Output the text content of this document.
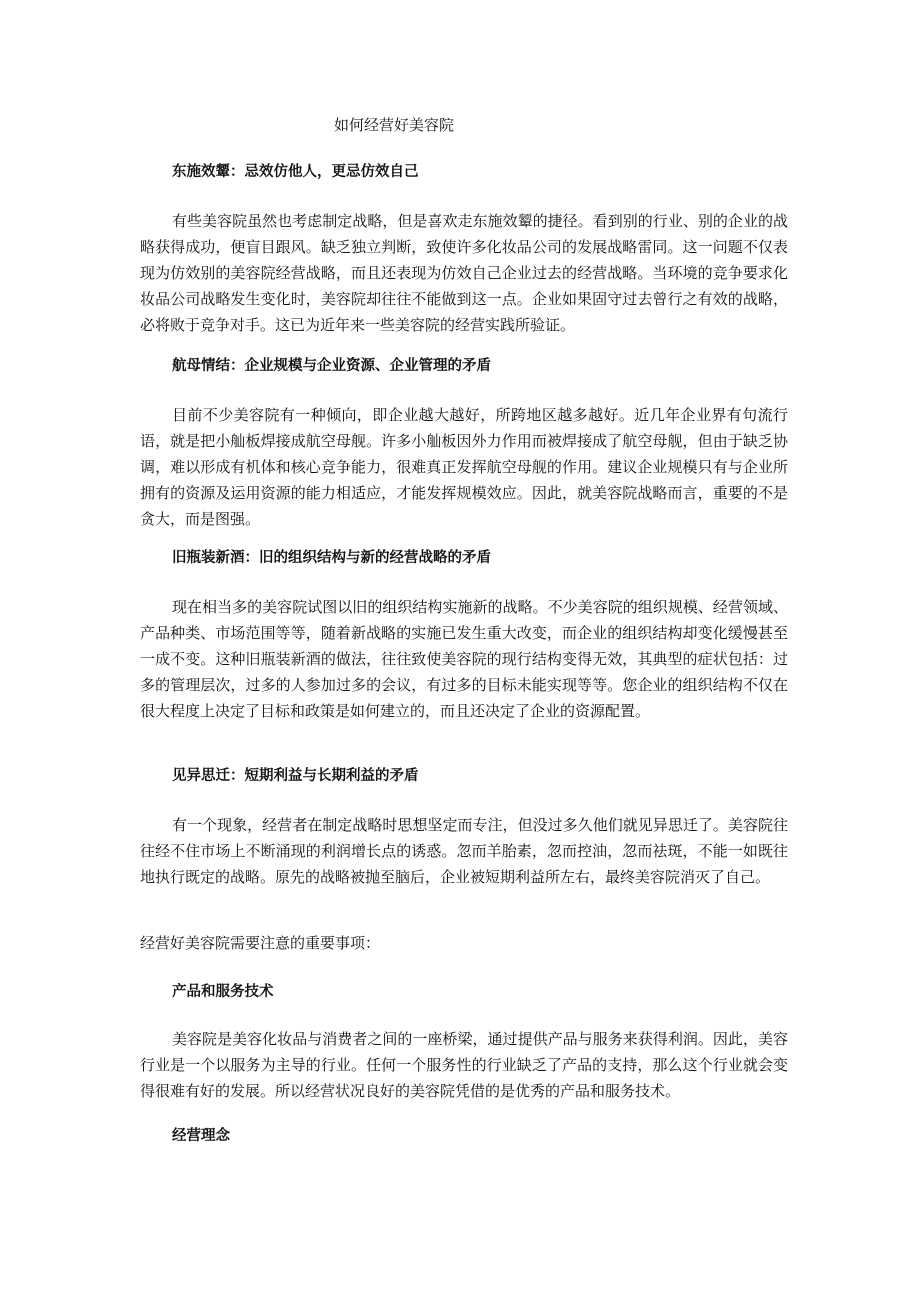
如何经营好美容院
东施效颦：忌效仿他人，更忌仿效自己

有些美容院虽然也考虑制定战略，但是喜欢走东施效颦的捷径。看到别的行业、别的企业的战略获得成功，便盲目跟风。缺乏独立判断，致使许多化妆品公司的发展战略雷同。这一问题不仅表现为仿效别的美容院经营战略，而且还表现为仿效自己企业过去的经营战略。当环境的竞争要求化妆品公司战略发生变化时，美容院却往往不能做到这一点。企业如果固守过去曾行之有效的战略，必将败于竞争对手。这已为近年来一些美容院的经营实践所验证。

航母情结：企业规模与企业资源、企业管理的矛盾

目前不少美容院有一种倾向，即企业越大越好，所跨地区越多越好。近几年企业界有句流行语，就是把小舢板焊接成航空母舰。许多小舢板因外力作用而被焊接成了航空母舰，但由于缺乏协调，难以形成有机体和核心竞争能力，很难真正发挥航空母舰的作用。建议企业规模只有与企业所拥有的资源及运用资源的能力相适应，才能发挥规模效应。因此，就美容院战略而言，重要的不是贪大，而是图强。

旧瓶装新酒：旧的组织结构与新的经营战略的矛盾

现在相当多的美容院试图以旧的组织结构实施新的战略。不少美容院的组织规模、经营领域、产品种类、市场范围等等，随着新战略的实施已发生重大改变，而企业的组织结构却变化缓慢甚至一成不变。这种旧瓶装新酒的做法，往往致使美容院的现行结构变得无效，其典型的症状包括：过多的管理层次，过多的人参加过多的会议，有过多的目标未能实现等等。您企业的组织结构不仅在很大程度上决定了目标和政策是如何建立的，而且还决定了企业的资源配置。

见异思迁：短期利益与长期利益的矛盾

有一个现象，经营者在制定战略时思想坚定而专注，但没过多久他们就见异思迁了。美容院往往经不住市场上不断涌现的利润增长点的诱惑。忽而羊胎素，忽而控油，忽而祛斑，不能一如既往地执行既定的战略。原先的战略被抛至脑后，企业被短期利益所左右，最终美容院消灭了自己。

经营好美容院需要注意的重要事项：

产品和服务技术

美容院是美容化妆品与消费者之间的一座桥梁，通过提供产品与服务来获得利润。因此，美容行业是一个以服务为主导的行业。任何一个服务性的行业缺乏了产品的支持，那么这个行业就会变得很难有好的发展。所以经营状况良好的美容院凭借的是优秀的产品和服务技术。

经营理念
